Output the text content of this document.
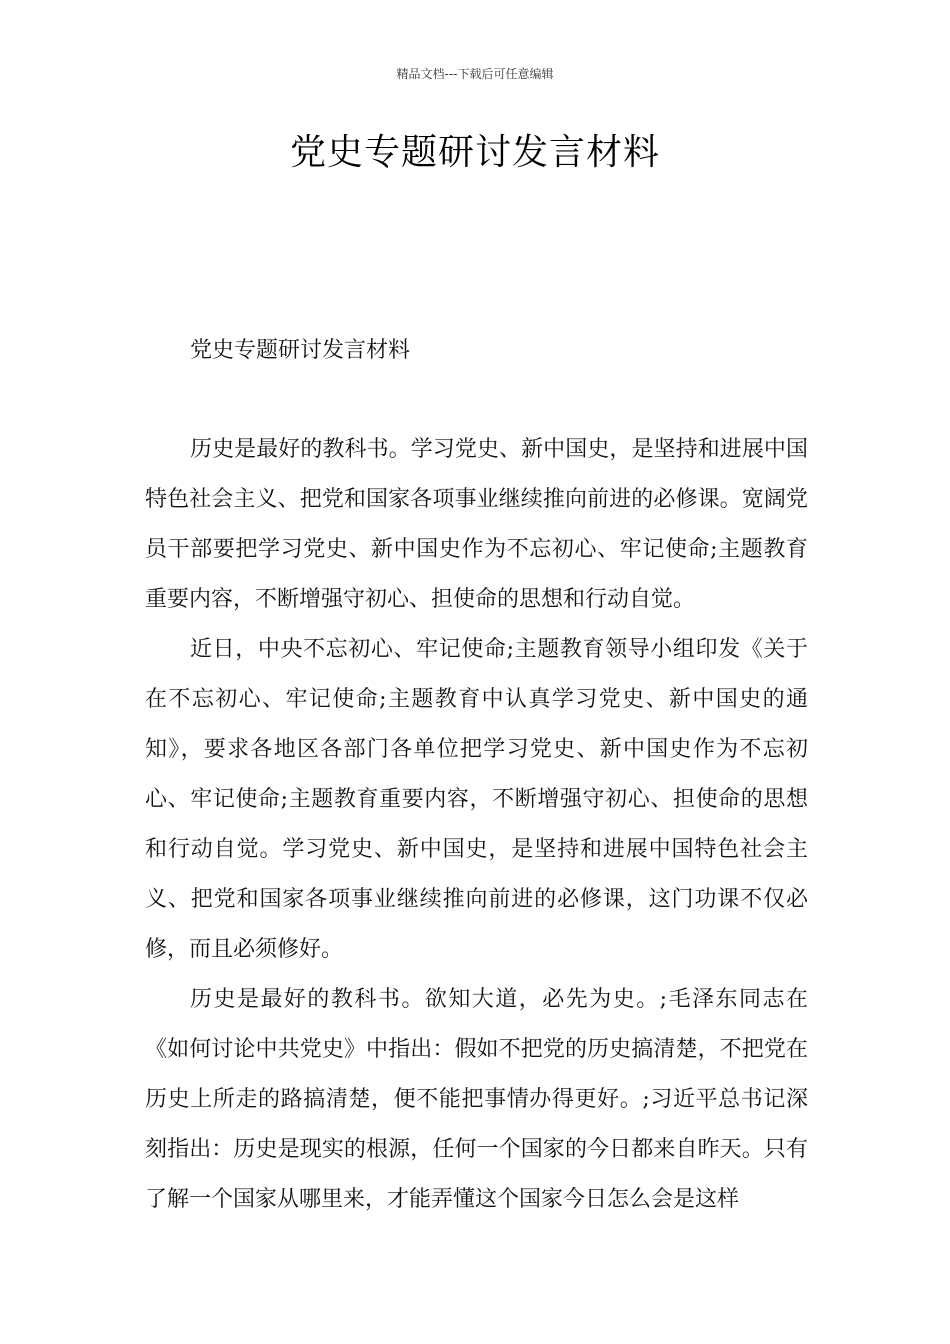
精品文档---下载后可任意编辑
党史专题研讨发言材料
党史专题研讨发言材料

历史是最好的教科书。学习党史、新中国史，是坚持和进展中国特色社会主义、把党和国家各项事业继续推向前进的必修课。宽阔党员干部要把学习党史、新中国史作为不忘初心、牢记使命;主题教育重要内容，不断增强守初心、担使命的思想和行动自觉。

近日，中央不忘初心、牢记使命;主题教育领导小组印发《关于在不忘初心、牢记使命;主题教育中认真学习党史、新中国史的通知》，要求各地区各部门各单位把学习党史、新中国史作为不忘初心、牢记使命;主题教育重要内容，不断增强守初心、担使命的思想和行动自觉。学习党史、新中国史，是坚持和进展中国特色社会主义、把党和国家各项事业继续推向前进的必修课，这门功课不仅必修，而且必须修好。

历史是最好的教科书。欲知大道，必先为史。;毛泽东同志在《如何讨论中共党史》中指出：假如不把党的历史搞清楚，不把党在历史上所走的路搞清楚，便不能把事情办得更好。;习近平总书记深刻指出：历史是现实的根源，任何一个国家的今日都来自昨天。只有了解一个国家从哪里来，才能弄懂这个国家今日怎么会是这样
